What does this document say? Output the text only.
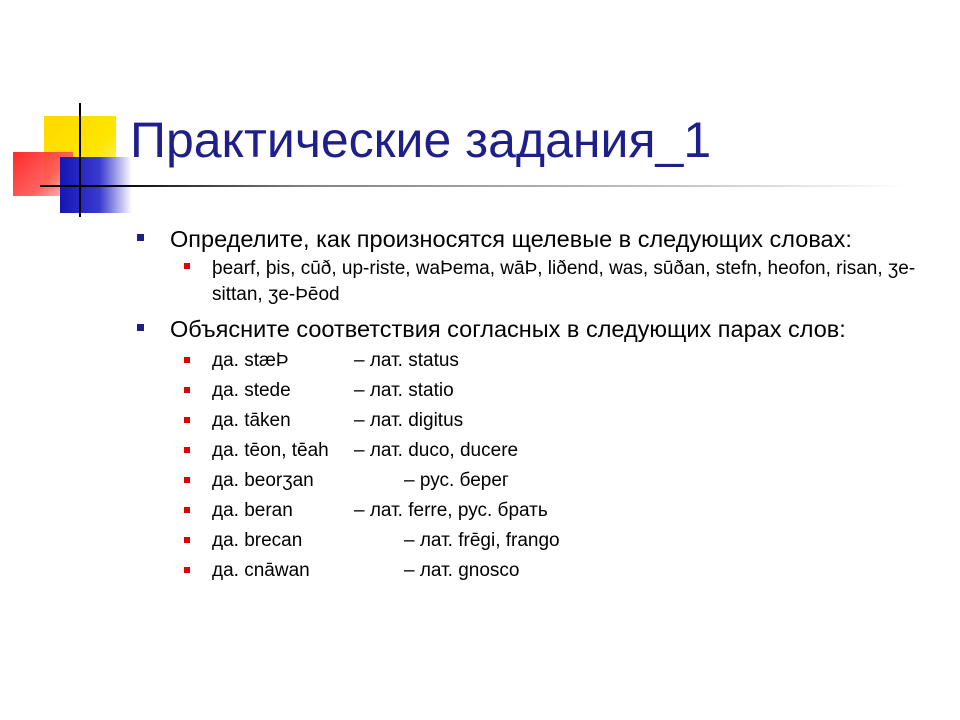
Практические задания_1
Определите, как произносятся щелевые в следующих словах:
þearf, þis, cūð, up-riste, waÞema, wāÞ, liðend, was, sūðan, stefn, heofon, risan, ʒe-sittan, ʒe-Þēod
Объясните соответствия согласных в следующих парах слов:
да. stæÞ	– лат. status
да. stede	– лат. statio
да. tāken	– лат. digitus
да. tēon, tēah – лат. duco, ducere
да. beorʒan	– рус. берег
да. beran	– лат. ferre, рус. брать
да. brecan	– лат. frēgi, frango
да. cnāwan	– лат. gnosco
